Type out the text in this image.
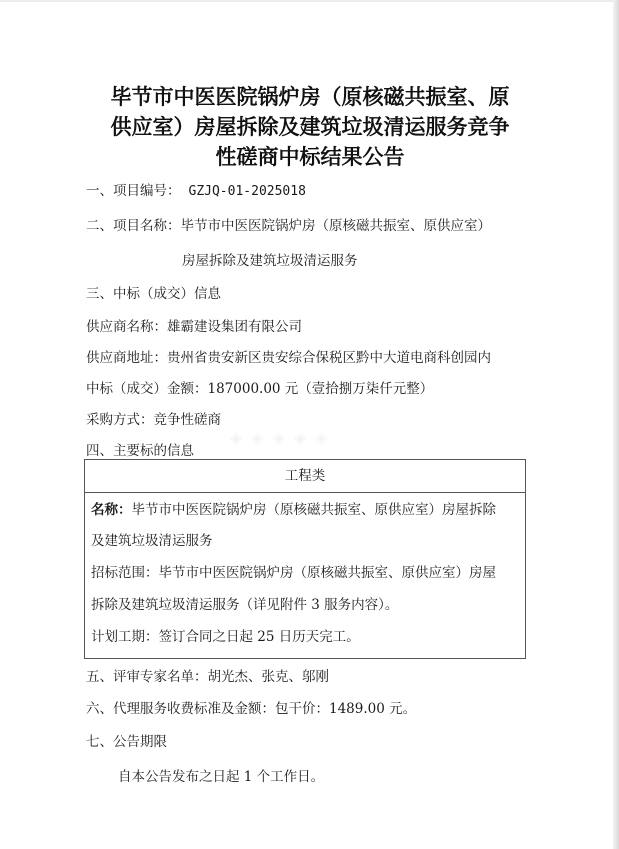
毕节市中医医院锅炉房（原核磁共振室、原
供应室）房屋拆除及建筑垃圾清运服务竞争
性磋商中标结果公告
一、项目编号： GZJQ-01-2025018
二、项目名称：毕节市中医医院锅炉房（原核磁共振室、原供应室）
房屋拆除及建筑垃圾清运服务
三、中标（成交）信息
供应商名称：雄霸建设集团有限公司
供应商地址：贵州省贵安新区贵安综合保税区黔中大道电商科创园内
中标（成交）金额：187000.00 元（壹拾捌万柒仟元整）
采购方式：竞争性磋商
四、主要标的信息
◈ ◈ ◈ ◈ ◈
工程类
名称：毕节市中医医院锅炉房（原核磁共振室、原供应室）房屋拆除
及建筑垃圾清运服务
招标范围：毕节市中医医院锅炉房（原核磁共振室、原供应室）房屋
拆除及建筑垃圾清运服务（详见附件 3 服务内容）。
计划工期：签订合同之日起 25 日历天完工。
五、评审专家名单：胡光杰、张克、邬刚
六、代理服务收费标准及金额：包干价：1489.00 元。
七、公告期限
自本公告发布之日起 1 个工作日。
